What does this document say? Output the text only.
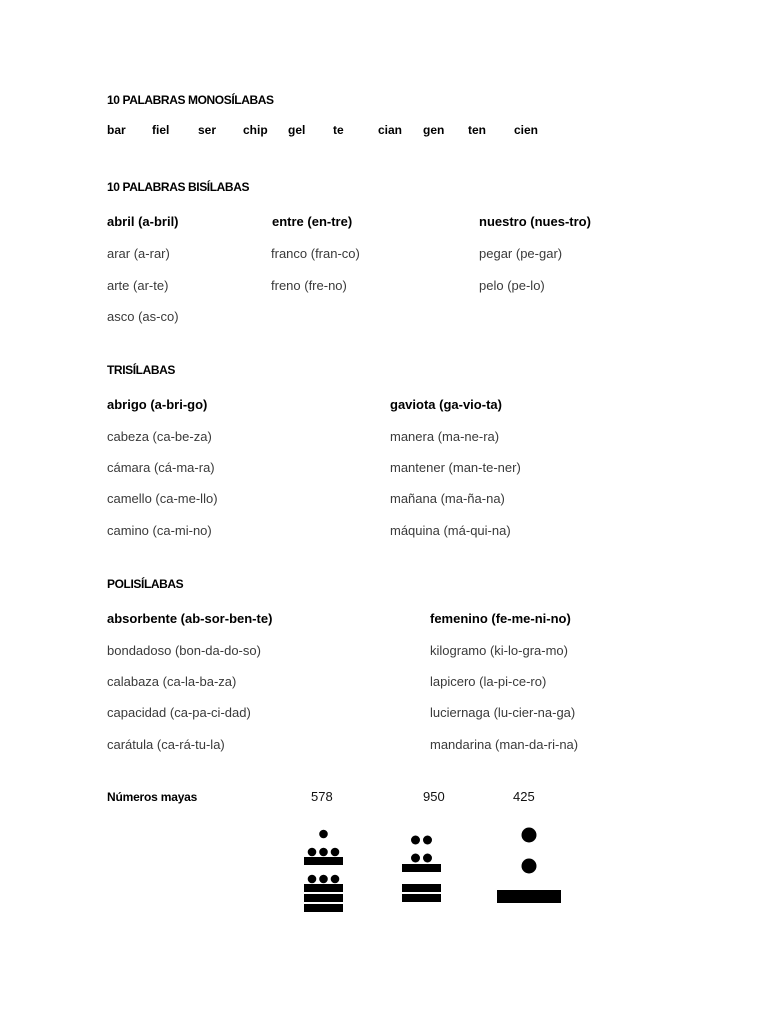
10 PALABRAS MONOSÍLABAS
bar fiel ser chip gel te	cian gen ten cien
10 PALABRAS BISÍLABAS
abril (a-bril)	entre (en-tre)	nuestro (nues-tro)
arar (a-rar)	franco (fran-co)	pegar (pe-gar)
arte (ar-te)	freno (fre-no)	pelo (pe-lo)
asco (as-co)
TRISÍLABAS
abrigo (a-bri-go)	gaviota (ga-vio-ta)
cabeza (ca-be-za)	manera (ma-ne-ra)
cámara (cá-ma-ra)	mantener (man-te-ner)
camello (ca-me-llo)	mañana (ma-ña-na)
camino (ca-mi-no)	máquina (má-qui-na)
POLISÍLABAS
absorbente (ab-sor-ben-te)	femenino (fe-me-ni-no)
bondadoso (bon-da-do-so)	kilogramo (ki-lo-gra-mo)
calabaza (ca-la-ba-za)	lapicero (la-pi-ce-ro)
capacidad (ca-pa-ci-dad)	luciernaga (lu-cier-na-ga)
carátula (ca-rá-tu-la)	mandarina (man-da-ri-na)
Números mayas	578	950	425
